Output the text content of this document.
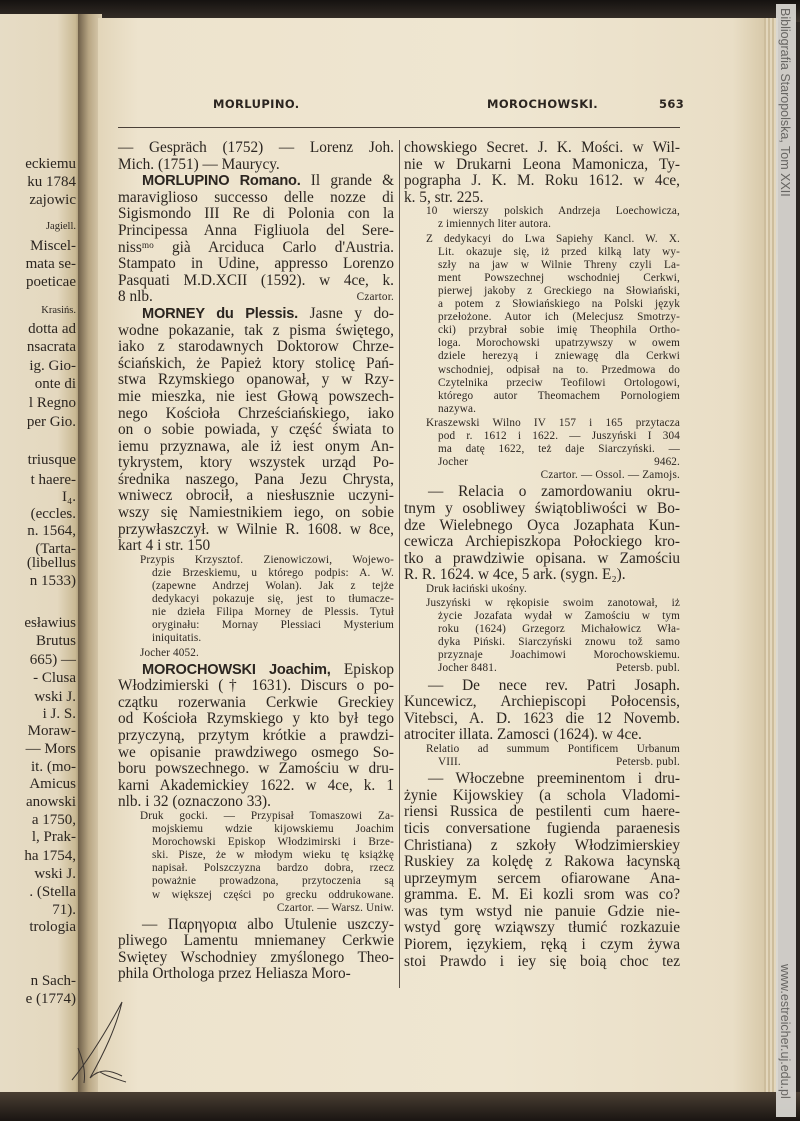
eckiemu
ku 1784
zajowic
Jagiell.
Miscel-
mata se-
poeticae
Krasińs.
dotta ad
nsacrata
ig. Gio-
onte di
l Regno
per Gio.
triusque
t haere-
I₄.
(eccles.
n. 1564,
(Tarta-
(libellus
n 1533)
esławius
Brutus
665) —
- Clusa
wski J.
i J. S.
Moraw-
— Mors
it. (mo-
Amicus
anowski
a 1750,
l, Prak-
ha 1754,
wski J.
. (Stella
71).
trologia
n Sach-
e (1774)
MORLUPINO.	MOROCHOWSKI.	563
— Gespräch (1752) — Lorenz Joh.
Mich. (1751) — Maurycy.
MORLUPINO Romano. Il grande &
maraviglioso successo delle nozze di
Sigismondo III Re di Polonia con la
Principessa Anna Figliuola del Sere-
nissᵐᵒ già Arciduca Carlo d'Austria.
Stampato in Udine, appresso Lorenzo
Pasquati M.D.XCII (1592). w 4ce, k.
Czartor.
8 nlb.
MORNEY du Plessis. Jasne y do-
wodne pokazanie, tak z pisma świętego,
iako z starodawnych Doktorow Chrze-
ściańskich, że Papież ktory stolicę Pań-
stwa Rzymskiego opanował, y w Rzy-
mie mieszka, nie iest Głową powszech-
nego Kościoła Chrześciańskiego, iako
on o sobie powiada, y część świata to
iemu przyznawa, ale iż iest onym An-
tykrystem, ktory wszystek urząd Po-
średnika naszego, Pana Jezu Chrysta,
wniwecz obrocił, a niesłusznie uczyni-
wszy się Namiestnikiem iego, on sobie
przywłaszczył. w Wilnie R. 1608. w 8ce,
kart 4 i str. 150
Przypis Krzysztof. Zienowiczowi, Wojewo-
dzie Brzeskiemu, u którego podpis: A. W.
(zapewne Andrzej Wolan). Jak z tejże
dedykacyi pokazuje się, jest to tłumacze-
nie dzieła Filipa Morney de Plessis. Tytuł
oryginału: Mornay Plessiaci Mysterium
iniquitatis.
Jocher 4052.
MOROCHOWSKI Joachim, Episkop
Włodzimierski († 1631). Discurs o po-
czątku rozerwania Cerkwie Greckiey
od Kościoła Rzymskiego y kto był tego
przyczyną, przytym krótkie a prawdzi-
we opisanie prawdziwego osmego So-
boru powszechnego. w Zamościu w dru-
karni Akademickiey 1622. w 4ce, k. 1
nlb. i 32 (oznaczono 33).
Druk gocki. — Przypisał Tomaszowi Za-
mojskiemu wdzie kijowskiemu Joachim
Morochowski Episkop Włodzimirski i Brze-
ski. Pisze, że w młodym wieku tę książkę
napisał. Polszczyzna bardzo dobra, rzecz
poważnie prowadzona, przytoczenia są
w większej części po grecku oddrukowane.
Czartor. — Warsz. Uniw.
— Παρηγορια albo Utulenie uszczy-
pliwego Lamentu mniemaney Cerkwie
Swiętey Wschodniey zmyślonego Theo-
phila Orthologa przez Heliasza Moro-
chowskiego Secret. J. K. Mości. w Wil-
nie w Drukarni Leona Mamonicza, Ty-
pographa J. K. M. Roku 1612. w 4ce,
k. 5, str. 225.
10 wierszy polskich Andrzeja Loechowicza,
z imiennych liter autora.
Z dedykacyi do Lwa Sapiehy Kancl. W. X.
Lit. okazuje się, iż przed kilką laty wy-
szły na jaw w Wilnie Threny czyli La-
ment Powszechnej wschodniej Cerkwi,
pierwej jakoby z Greckiego na Słowiański,
a potem z Słowiańskiego na Polski język
przełożone. Autor ich (Melecjusz Smotrzy-
cki) przybrał sobie imię Theophila Ortho-
loga. Morochowski upatrzywszy w owem
dziele herezyą i zniewagę dla Cerkwi
wschodniej, odpisał na to. Przedmowa do
Czytelnika przeciw Teofilowi Ortologowi,
którego autor Theomachem Pornologiem
nazywa.
Kraszewski Wilno IV 157 i 165 przytacza
pod r. 1612 i 1622. — Juszyński I 304
ma datę 1622, też daje Siarczyński. —
Jocher 9462.
Czartor. — Ossol. — Zamojs.
— Relacia o zamordowaniu okru-
tnym y osobliwey świątobliwości w Bo-
dze Wielebnego Oyca Jozaphata Kun-
cewicza Archiepiszkopa Połockiego kro-
tko a prawdziwie opisana. w Zamościu
R. R. 1624. w 4ce, 5 ark. (sygn. E₂).
Druk łaciński ukośny.
Juszyński w rękopisie swoim zanotował, iż
życie Jozafata wydał w Zamościu w tym
roku (1624) Grzegorz Michałowicz Wła-
dyka Piński. Siarczyński znowu tož samo
przyznaje Joachimowi Morochowskiemu.
Petersb. publ.
Jocher 8481.
— De nece rev. Patri Josaph.
Kuncewicz, Archiepiscopi Połocensis,
Vitebsci, A. D. 1623 die 12 Novemb.
atrociter illata. Zamosci (1624). w 4ce.
Relatio ad summum Pontificem Urbanum
Petersb. publ.
VIII.
— Włoczebne preeminentom i dru-
żynie Kijowskiey (a schola Vladomi-
riensi Russica de pestilenti cum haere-
ticis conversatione fugienda paraenesis
Christiana) z szkoły Włodzimierskiey
Ruskiey za kolędę z Rakowa łacynską
uprzeymym sercem ofiarowane Ana-
gramma. E. M. Ei kozli srom was co?
was tym wstyd nie panuie Gdzie nie-
wstyd gorę wziąwszy tłumić rozkazuie
Piorem, ięzykiem, ręką i czym żywa
stoi Prawdo i iey się boią choc tez
Bibliografia Staropolska, Tom XXII
www.estreicher.uj.edu.pl
